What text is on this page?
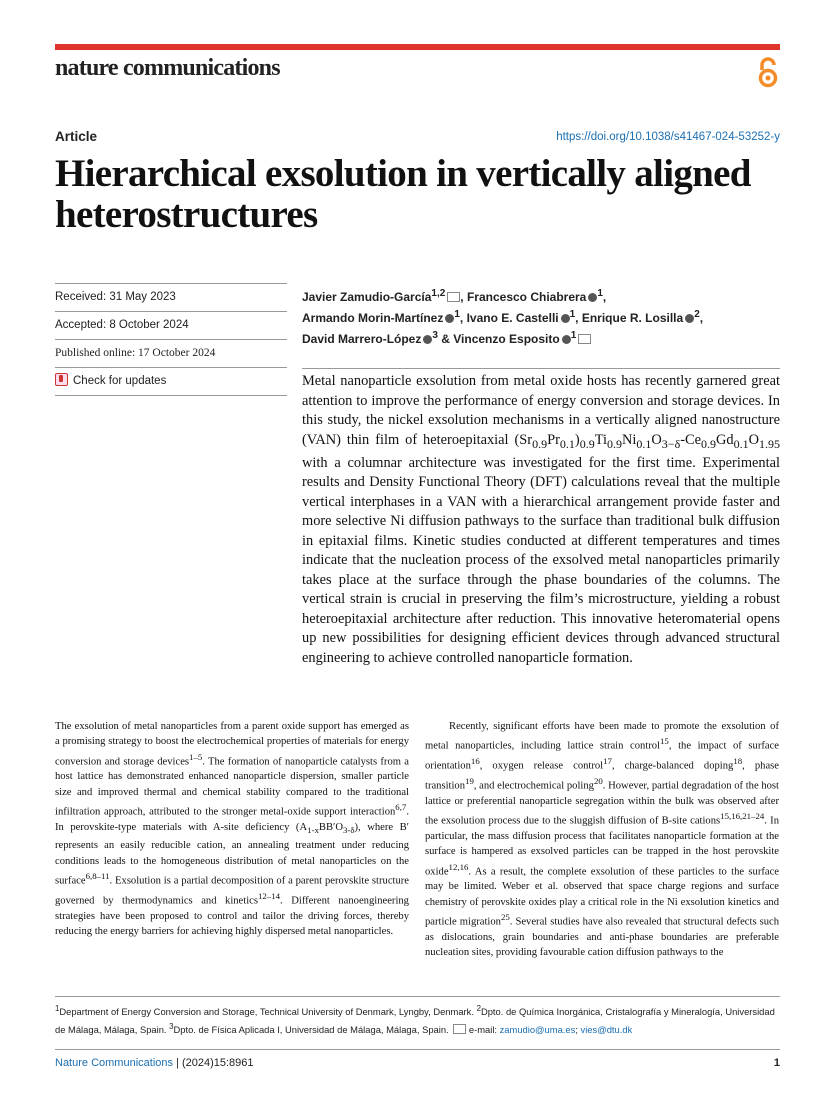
nature communications
Article	https://doi.org/10.1038/s41467-024-53252-y
Hierarchical exsolution in vertically aligned heterostructures
Received: 31 May 2023
Accepted: 8 October 2024
Published online: 17 October 2024
Check for updates
Javier Zamudio-García$^{1,2}$ , Francesco Chiabrera $^1$,
Armando Morin-Martínez $^1$, Ivano E. Castelli $^1$, Enrique R. Losilla $^2$,
David Marrero-López $^3$ & Vincenzo Esposito $^1$

Metal nanoparticle exsolution from metal oxide hosts has recently garnered great attention to improve the performance of energy conversion and storage devices. In this study, the nickel exsolution mechanisms in a vertically aligned nanostructure (VAN) thin film of heteroepitaxial $(Sr_{0.9}Pr_{0.1})_{0.9}Ti_{0.9}Ni_{0.1}O_{3-\delta}-Ce_{0.9}Gd_{0.1}O_{1.95}$ with a columnar architecture was investigated for the first time. Experimental results and Density Functional Theory (DFT) calculations reveal that the multiple vertical interphases in a VAN with a hierarchical arrangement provide faster and more selective Ni diffusion pathways to the surface than traditional bulk diffusion in epitaxial films. Kinetic studies conducted at different temperatures and times indicate that the nucleation process of the exsolved metal nanoparticles primarily takes place at the surface through the phase boundaries of the columns. The vertical strain is crucial in preserving the film’s microstructure, yielding a robust heteroepitaxial architecture after reduction. This innovative heteromaterial opens up new possibilities for designing efficient devices through advanced structural engineering to achieve controlled nanoparticle formation.

The exsolution of metal nanoparticles from a parent oxide support has emerged as a promising strategy to boost the electrochemical properties of materials for energy conversion and storage devices$^{1-5}$. The formation of nanoparticle catalysts from a host lattice has demonstrated enhanced nanoparticle dispersion, smaller particle size and improved thermal and chemical stability compared to the traditional infiltration approach, attributed to the stronger metal-oxide support interaction$^{6,7}$. In perovskite-type materials with A-site deficiency $(A_{1-x}BB'O_{3-\delta})$, where B′ represents an easily reducible cation, an annealing treatment under reducing conditions leads to the homogeneous distribution of metal nanoparticles on the surface$^{6,8-11}$. Exsolution is a partial decomposition of a parent perovskite structure governed by thermodynamics and kinetics$^{12-14}$. Different nanoengineering strategies have been proposed to control and tailor the driving forces, thereby reducing the energy barriers for achieving highly dispersed metal nanoparticles.

Recently, significant efforts have been made to promote the exsolution of metal nanoparticles, including lattice strain control$^{15}$, the impact of surface orientation$^{16}$, oxygen release control$^{17}$, charge-balanced doping$^{18}$, phase transition$^{19}$, and electrochemical poling$^{20}$. However, partial degradation of the host lattice or preferential nanoparticle segregation within the bulk was observed after the exsolution process due to the sluggish diffusion of B-site cations$^{15,16,21-24}$. In particular, the mass diffusion process that facilitates nanoparticle formation at the surface is hampered as exsolved particles can be trapped in the host perovskite oxide$^{12,16}$. As a result, the complete exsolution of these particles to the surface may be limited. Weber et al. observed that space charge regions and surface chemistry of perovskite oxides play a critical role in the Ni exsolution kinetics and particle migration$^{25}$. Several studies have also revealed that structural defects such as dislocations, grain boundaries and anti-phase boundaries are preferable nucleation sites, providing favourable cation diffusion pathways to the

$^1$Department of Energy Conversion and Storage, Technical University of Denmark, Lyngby, Denmark. $^2$Dpto. de Química Inorgánica, Cristalografía y Mineralogía, Universidad de Málaga, Málaga, Spain. $^3$Dpto. de Física Aplicada I, Universidad de Málaga, Málaga, Spain.  e-mail: zamudio@uma.es; vies@dtu.dk

Nature Communications | (2024)15:8961	1
